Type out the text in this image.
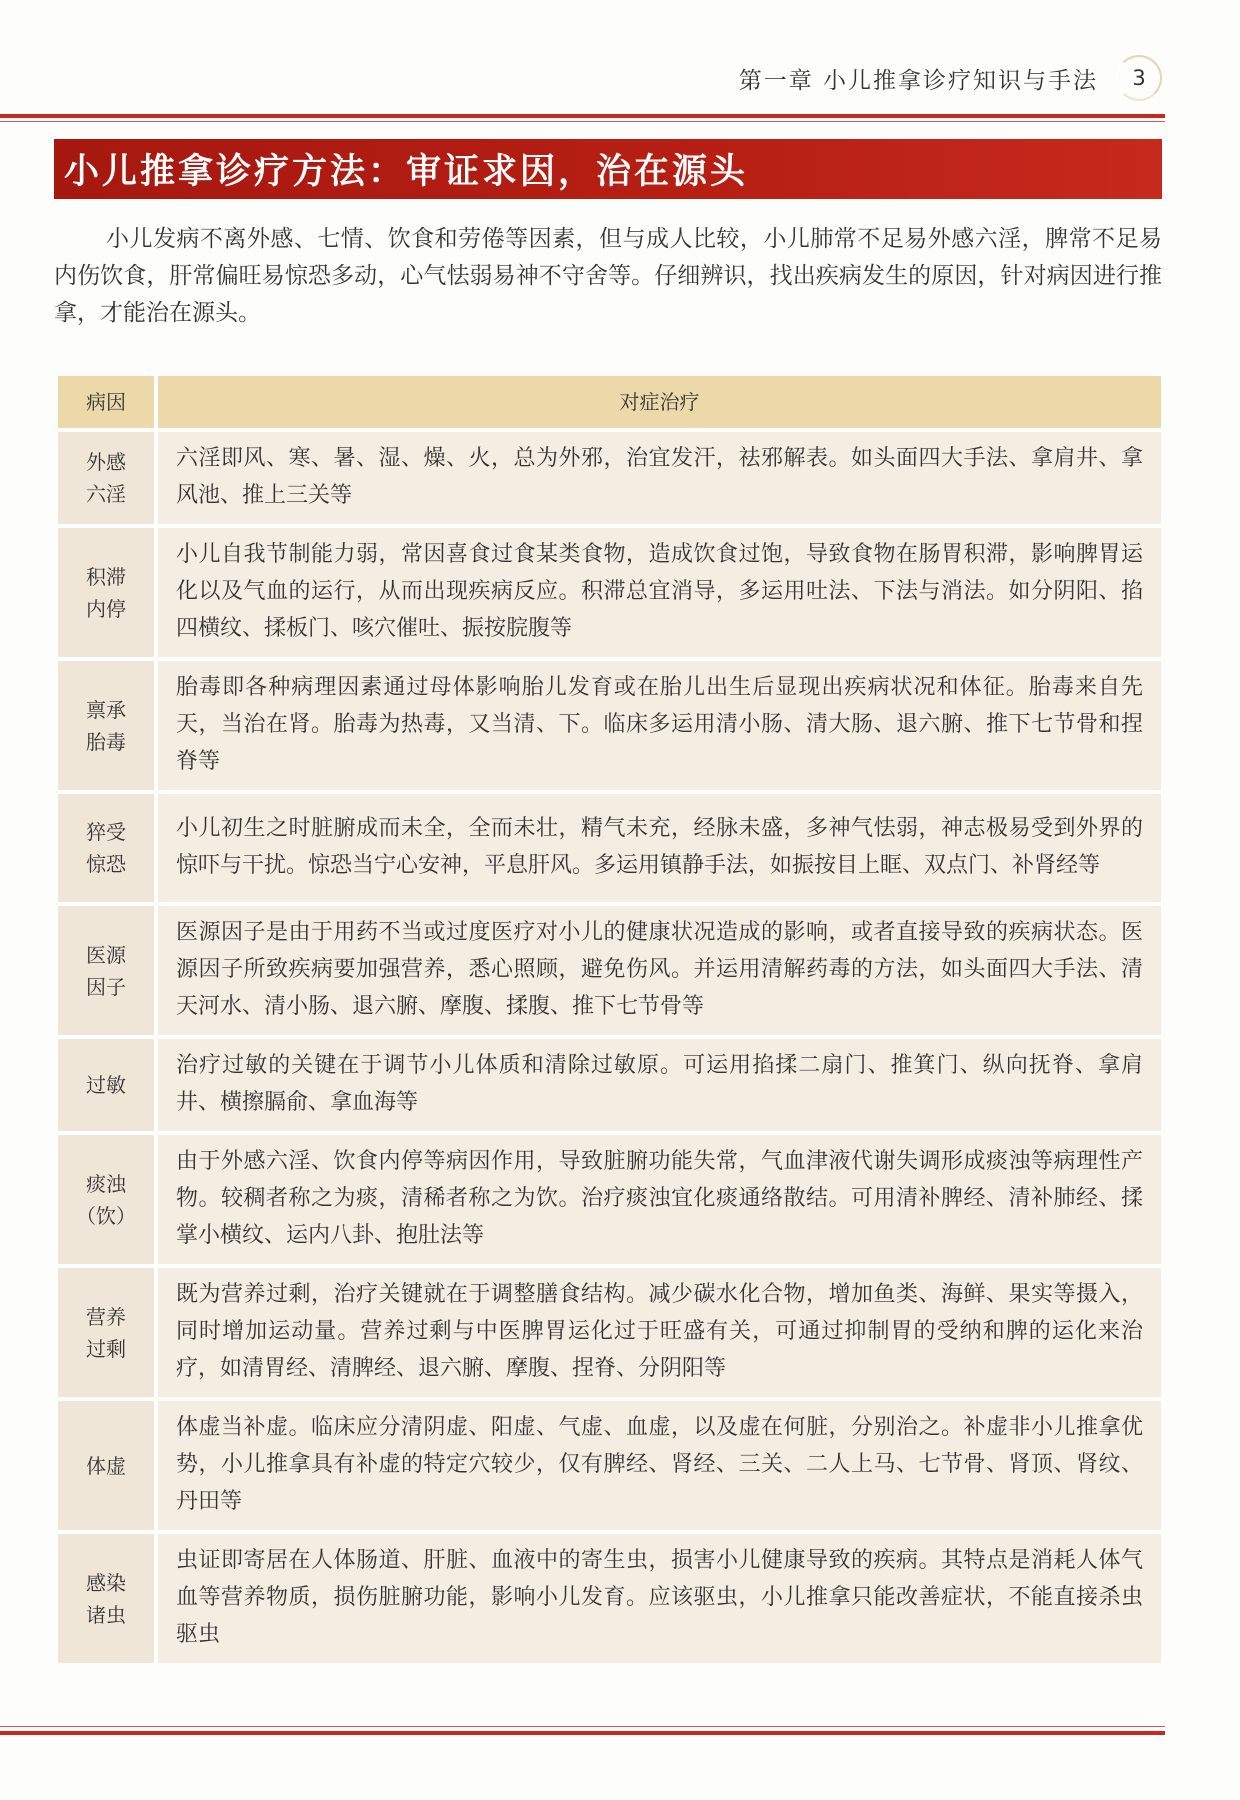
第一章 小儿推拿诊疗知识与手法 3
小儿推拿诊疗方法：审证求因，治在源头

小儿发病不离外感、七情、饮食和劳倦等因素，但与成人比较，小儿肺常不足易外感六淫，脾常不足易内伤饮食，肝常偏旺易惊恐多动，心气怯弱易神不守舍等。仔细辨识，找出疾病发生的原因，针对病因进行推拿，才能治在源头。

病因	对症治疗
外感
六淫
六淫即风、寒、暑、湿、燥、火，总为外邪，治宜发汗，祛邪解表。如头面四大手法、拿肩井、拿风池、推上三关等
积滞
内停
小儿自我节制能力弱，常因喜食过食某类食物，造成饮食过饱，导致食物在肠胃积滞，影响脾胃运化以及气血的运行，从而出现疾病反应。积滞总宜消导，多运用吐法、下法与消法。如分阴阳、掐四横纹、揉板门、咳穴催吐、振按脘腹等
禀承
胎毒
胎毒即各种病理因素通过母体影响胎儿发育或在胎儿出生后显现出疾病状况和体征。胎毒来自先天，当治在肾。胎毒为热毒，又当清、下。临床多运用清小肠、清大肠、退六腑、推下七节骨和捏脊等
猝受
惊恐
小儿初生之时脏腑成而未全，全而未壮，精气未充，经脉未盛，多神气怯弱，神志极易受到外界的惊吓与干扰。惊恐当宁心安神，平息肝风。多运用镇静手法，如振按目上眶、双点门、补肾经等
医源
因子
医源因子是由于用药不当或过度医疗对小儿的健康状况造成的影响，或者直接导致的疾病状态。医源因子所致疾病要加强营养，悉心照顾，避免伤风。并运用清解药毒的方法，如头面四大手法、清天河水、清小肠、退六腑、摩腹、揉腹、推下七节骨等
过敏
治疗过敏的关键在于调节小儿体质和清除过敏原。可运用掐揉二扇门、推箕门、纵向抚脊、拿肩井、横擦膈俞、拿血海等
痰浊
（饮）
由于外感六淫、饮食内停等病因作用，导致脏腑功能失常，气血津液代谢失调形成痰浊等病理性产物。较稠者称之为痰，清稀者称之为饮。治疗痰浊宜化痰通络散结。可用清补脾经、清补肺经、揉掌小横纹、运内八卦、抱肚法等
营养
过剩
既为营养过剩，治疗关键就在于调整膳食结构。减少碳水化合物，增加鱼类、海鲜、果实等摄入，同时增加运动量。营养过剩与中医脾胃运化过于旺盛有关，可通过抑制胃的受纳和脾的运化来治疗，如清胃经、清脾经、退六腑、摩腹、捏脊、分阴阳等
体虚
体虚当补虚。临床应分清阴虚、阳虚、气虚、血虚，以及虚在何脏，分别治之。补虚非小儿推拿优势，小儿推拿具有补虚的特定穴较少，仅有脾经、肾经、三关、二人上马、七节骨、肾顶、肾纹、丹田等
感染
诸虫
虫证即寄居在人体肠道、肝脏、血液中的寄生虫，损害小儿健康导致的疾病。其特点是消耗人体气血等营养物质，损伤脏腑功能，影响小儿发育。应该驱虫，小儿推拿只能改善症状，不能直接杀虫驱虫
